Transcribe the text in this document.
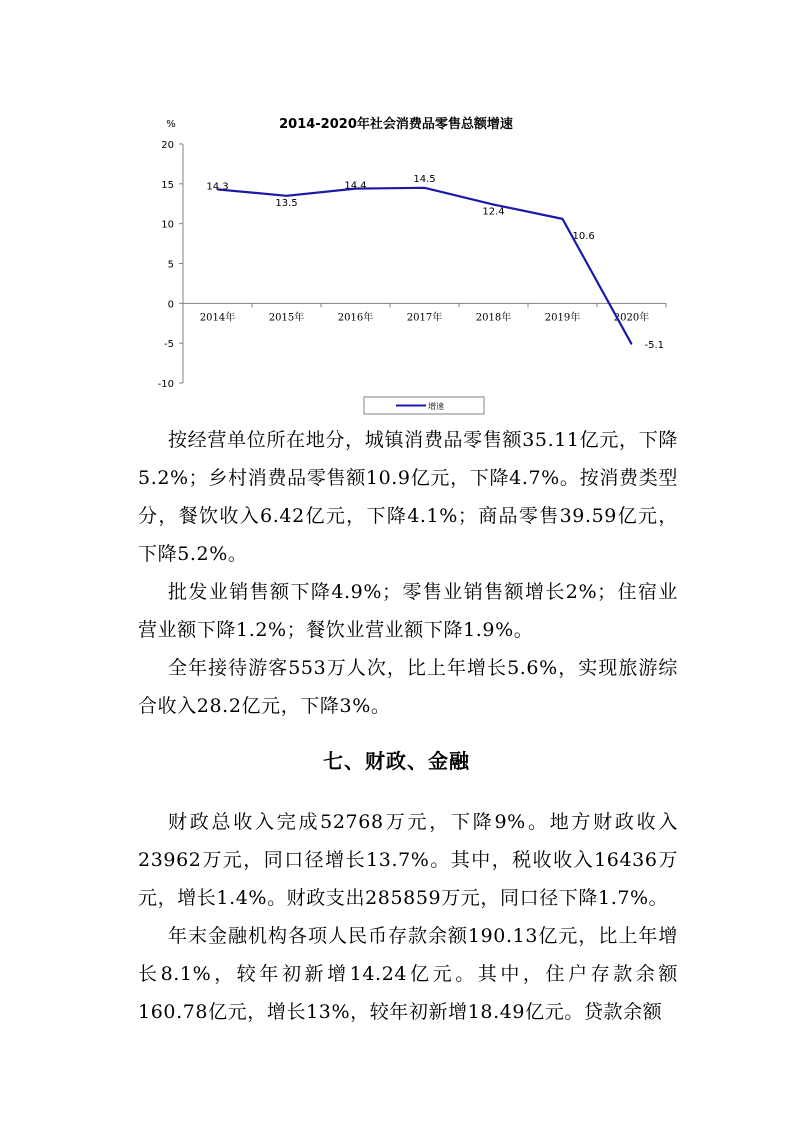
2014-2020年社会消费品零售总额增速
%
20
15
10
5
0
-5
-10
2014年	2015年	2016年	2017年	2018年	2019年	2020年
14.3
13.5
14.4
14.5
12.4
10.6
-5.1
增速

按经营单位所在地分，城镇消费品零售额35.11亿元，下降5.2%；乡村消费品零售额10.9亿元，下降4.7%。按消费类型分，餐饮收入6.42亿元，下降4.1%；商品零售39.59亿元，下降5.2%。

批发业销售额下降4.9%；零售业销售额增长2%；住宿业营业额下降1.2%；餐饮业营业额下降1.9%。

全年接待游客553万人次，比上年增长5.6%，实现旅游综合收入28.2亿元，下降3%。

七、财政、金融

财政总收入完成52768万元，下降9%。地方财政收入23962万元，同口径增长13.7%。其中，税收收入16436万元，增长1.4%。财政支出285859万元，同口径下降1.7%。

年末金融机构各项人民币存款余额190.13亿元，比上年增长8.1%，较年初新增14.24亿元。其中，住户存款余额160.78亿元，增长13%，较年初新增18.49亿元。贷款余额
